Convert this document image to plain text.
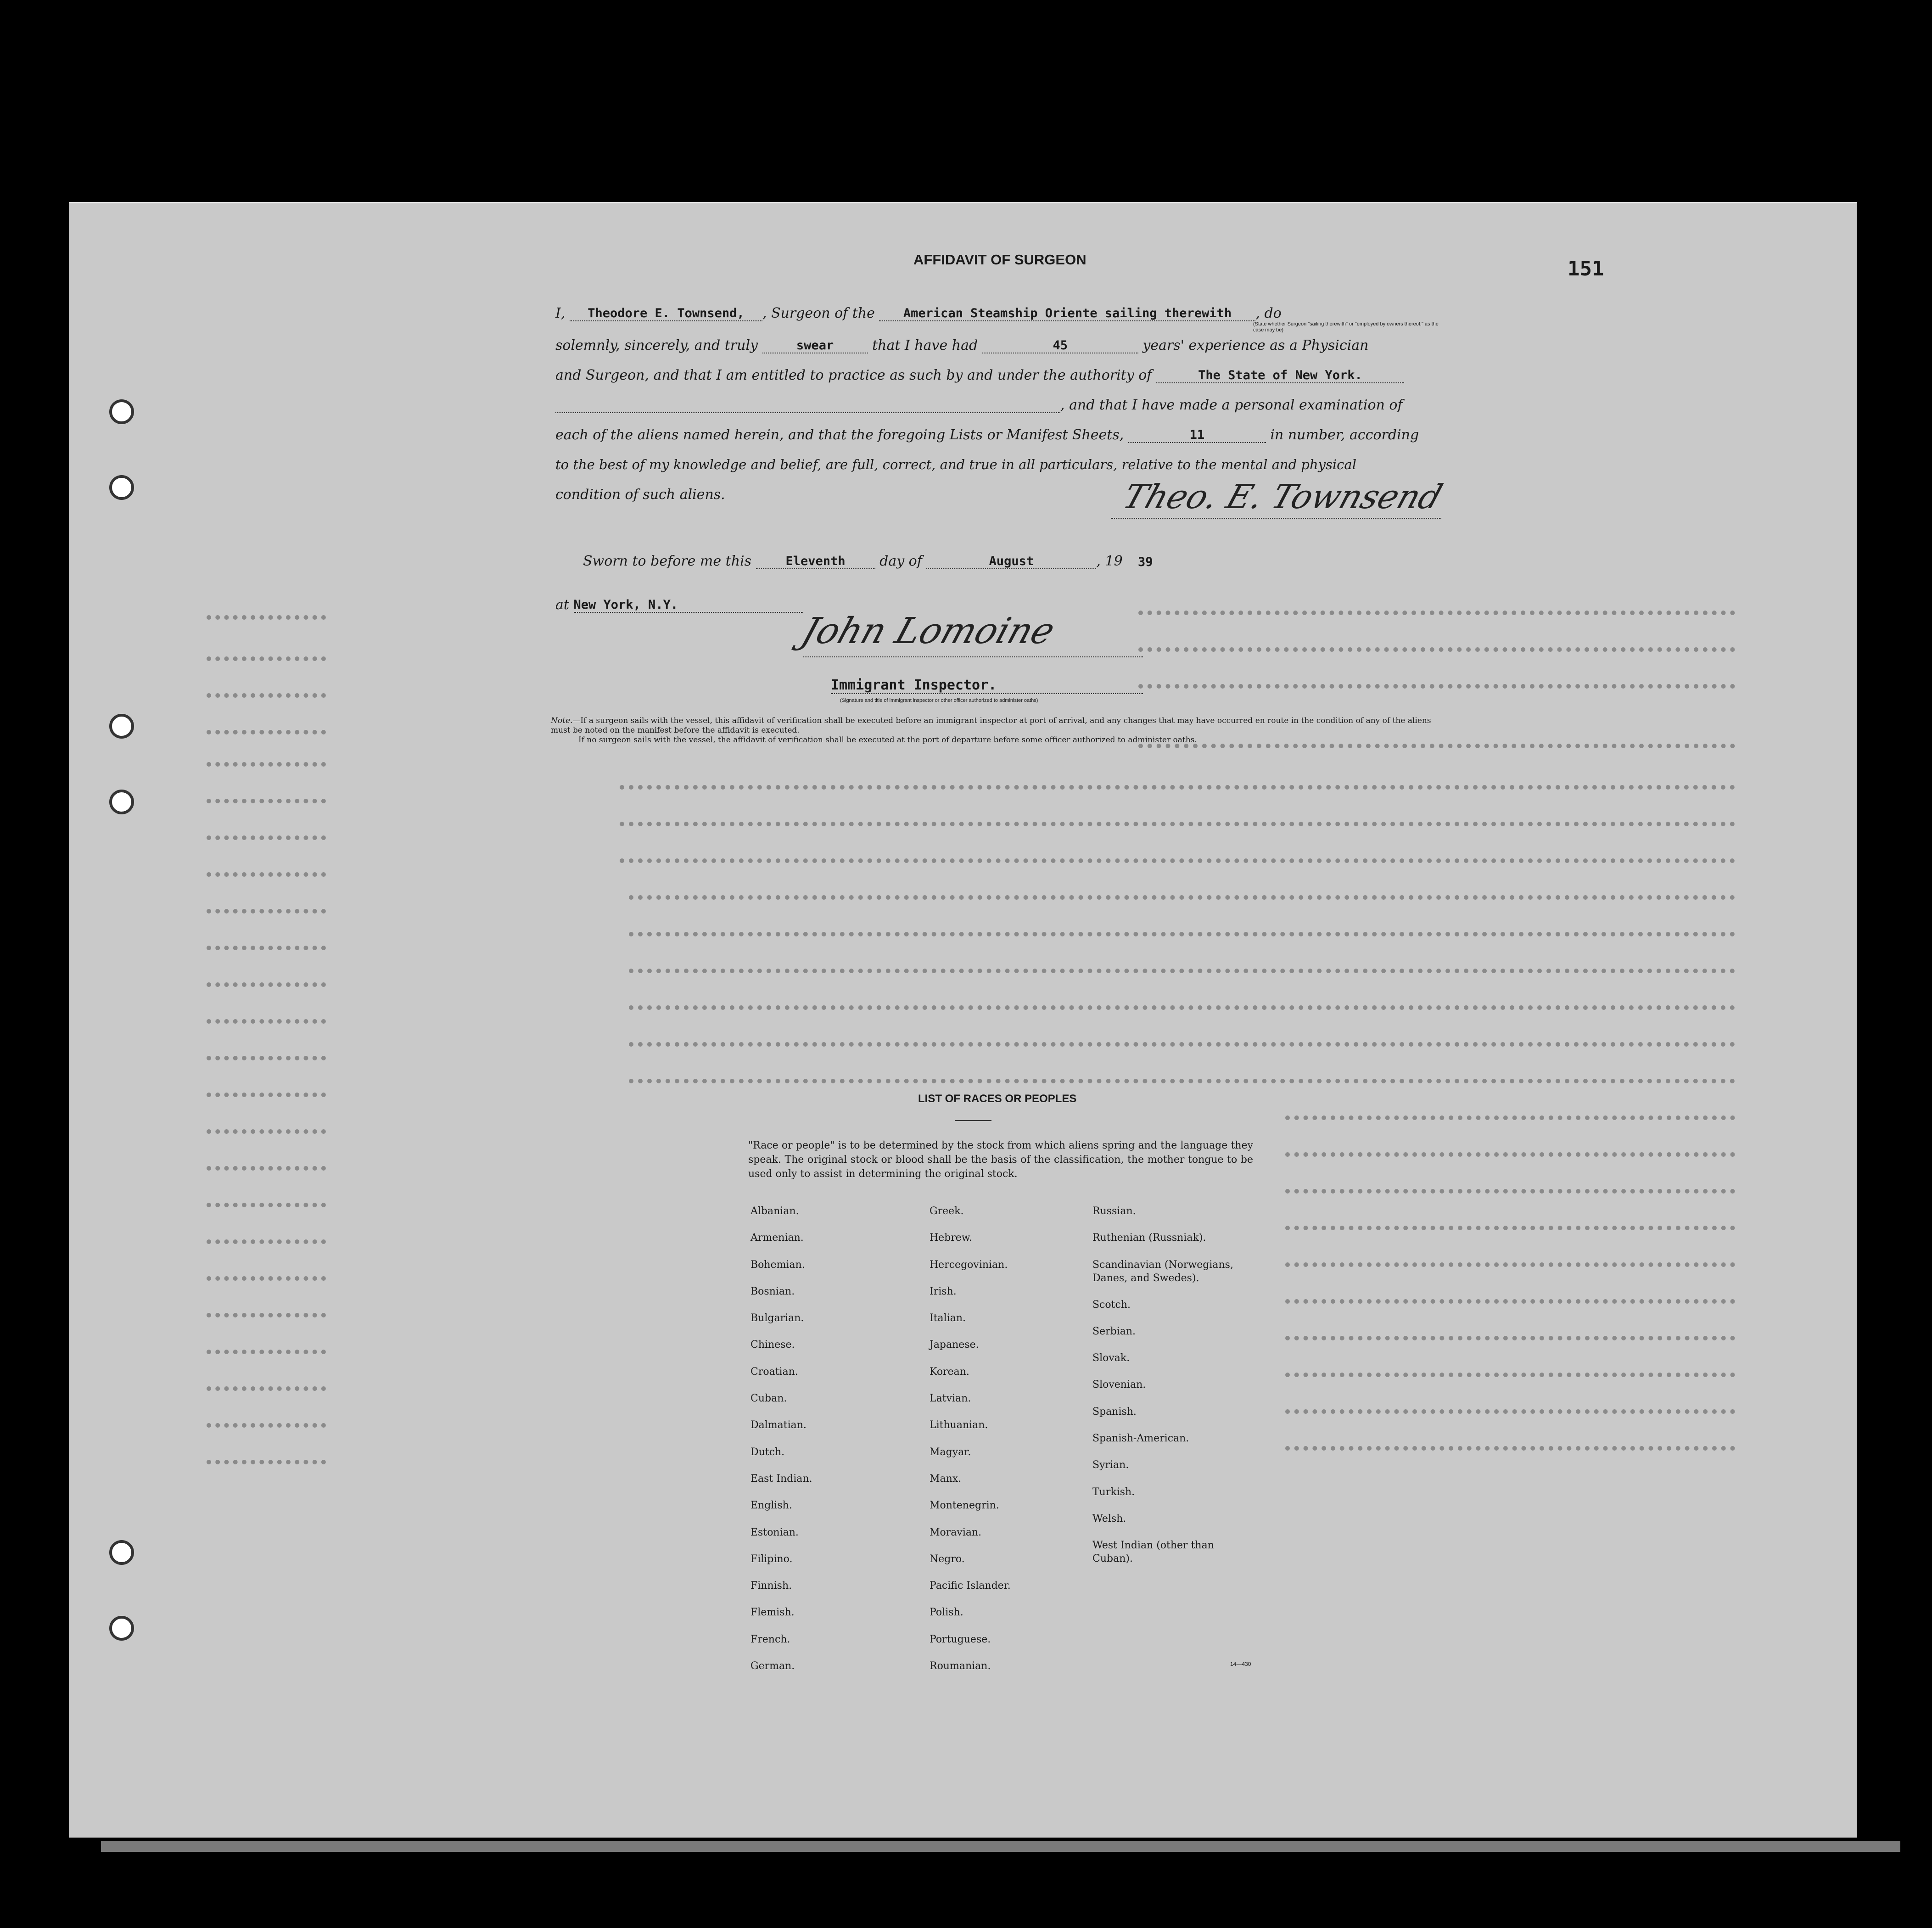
AFFIDAVIT OF SURGEON	151
I, Theodore E. Townsend, , Surgeon of the American Steamship Oriente sailing therewith , do
(State whether Surgeon "sailing therewith" or "employed by owners thereof," as the case may be)
solemnly, sincerely, and truly	swear	that I have had	45	years' experience as a Physician
and Surgeon, and that I am entitled to practice as such by and under the authority of	The State of New York.
, and that I have made a personal examination of
each of the aliens named herein, and that the foregoing Lists or Manifest Sheets,	11	in number, according
to the best of my knowledge and belief, are full, correct, and true in all particulars, relative to the mental and physical
condition of such aliens.	Theo. E. Townsend
Sworn to before me this	Eleventh day of	August	, 19 39
at New York, N.Y.
John Lomoine
Immigrant Inspector.
(Signature and title of immigrant inspector or other officer authorized to administer oaths)
Note.—If a surgeon sails with the vessel, this affidavit of verification shall be executed before an immigrant inspector at port of arrival, and any changes that may have occurred en route in the condition of any of the aliens must be noted on the manifest before the affidavit is executed.
If no surgeon sails with the vessel, the affidavit of verification shall be executed at the port of departure before some officer authorized to administer oaths.
LIST OF RACES OR PEOPLES
"Race or people" is to be determined by the stock from which aliens spring and the language they speak. The original stock or blood shall be the basis of the classification, the mother tongue to be used only to assist in determining the original stock.
Albanian.
Armenian.
Bohemian.
Bosnian.
Bulgarian.
Chinese.
Croatian.
Cuban.
Dalmatian.
Dutch.
East Indian.
English.
Estonian.
Filipino.
Finnish.
Flemish.
French.
German.
Greek.
Hebrew.
Hercegovinian.
Irish.
Italian.
Japanese.
Korean.
Latvian.
Lithuanian.
Magyar.
Manx.
Montenegrin.
Moravian.
Negro.
Pacific Islander.
Polish.
Portuguese.
Roumanian.
Russian.
Ruthenian (Russniak).
Scandinavian (Norwegians, Danes, and Swedes).
Scotch.
Serbian.
Slovak.
Slovenian.
Spanish.
Spanish-American.
Syrian.
Turkish.
Welsh.
West Indian (other than Cuban).
14—430
